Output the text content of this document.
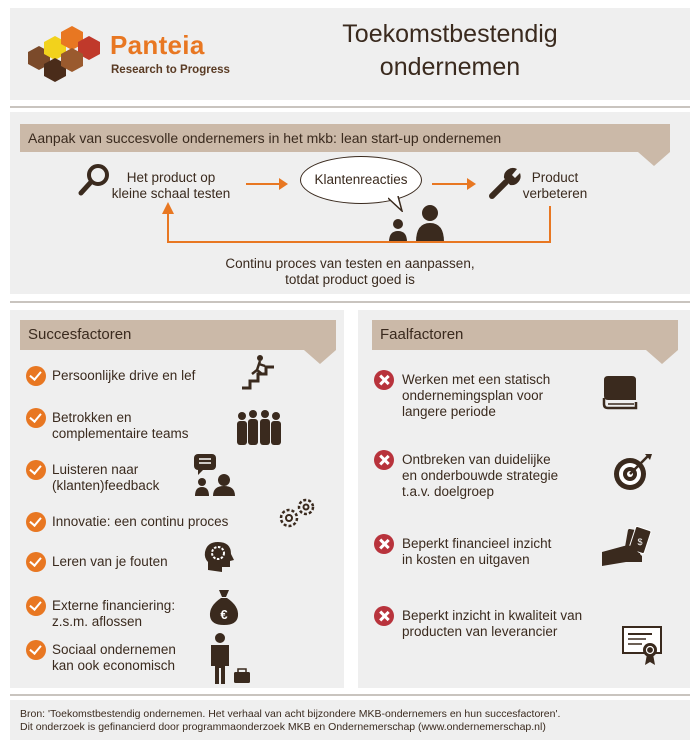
Panteia
Research to Progress
Toekomstbestendig
ondernemen
Aanpak van succesvolle ondernemers in het mkb: lean start-up ondernemen
Het product op
kleine schaal testen
Klantenreacties	Product
verbeteren
Continu proces van testen en aanpassen,
totdat product goed is
Succesfactoren
Persoonlijke drive en lef
Betrokken en
complementaire teams
Luisteren naar
(klanten)feedback
Innovatie: een continu proces
Leren van je fouten
Externe financiering:
z.s.m. aflossen	€
Sociaal ondernemen
kan ook economisch
Faalfactoren
Werken met een statisch
ondernemingsplan voor
langere periode
Ontbreken van duidelijke
en onderbouwde strategie
t.a.v. doelgroep
Beperkt financieel inzicht
in kosten en uitgaven
$
Beperkt inzicht in kwaliteit van
producten van leverancier
Bron: 'Toekomstbestendig ondernemen. Het verhaal van acht bijzondere MKB-ondernemers en hun succesfactoren'.
Dit onderzoek is gefinancierd door programmaonderzoek MKB en Ondernemerschap (www.ondernemerschap.nl)
